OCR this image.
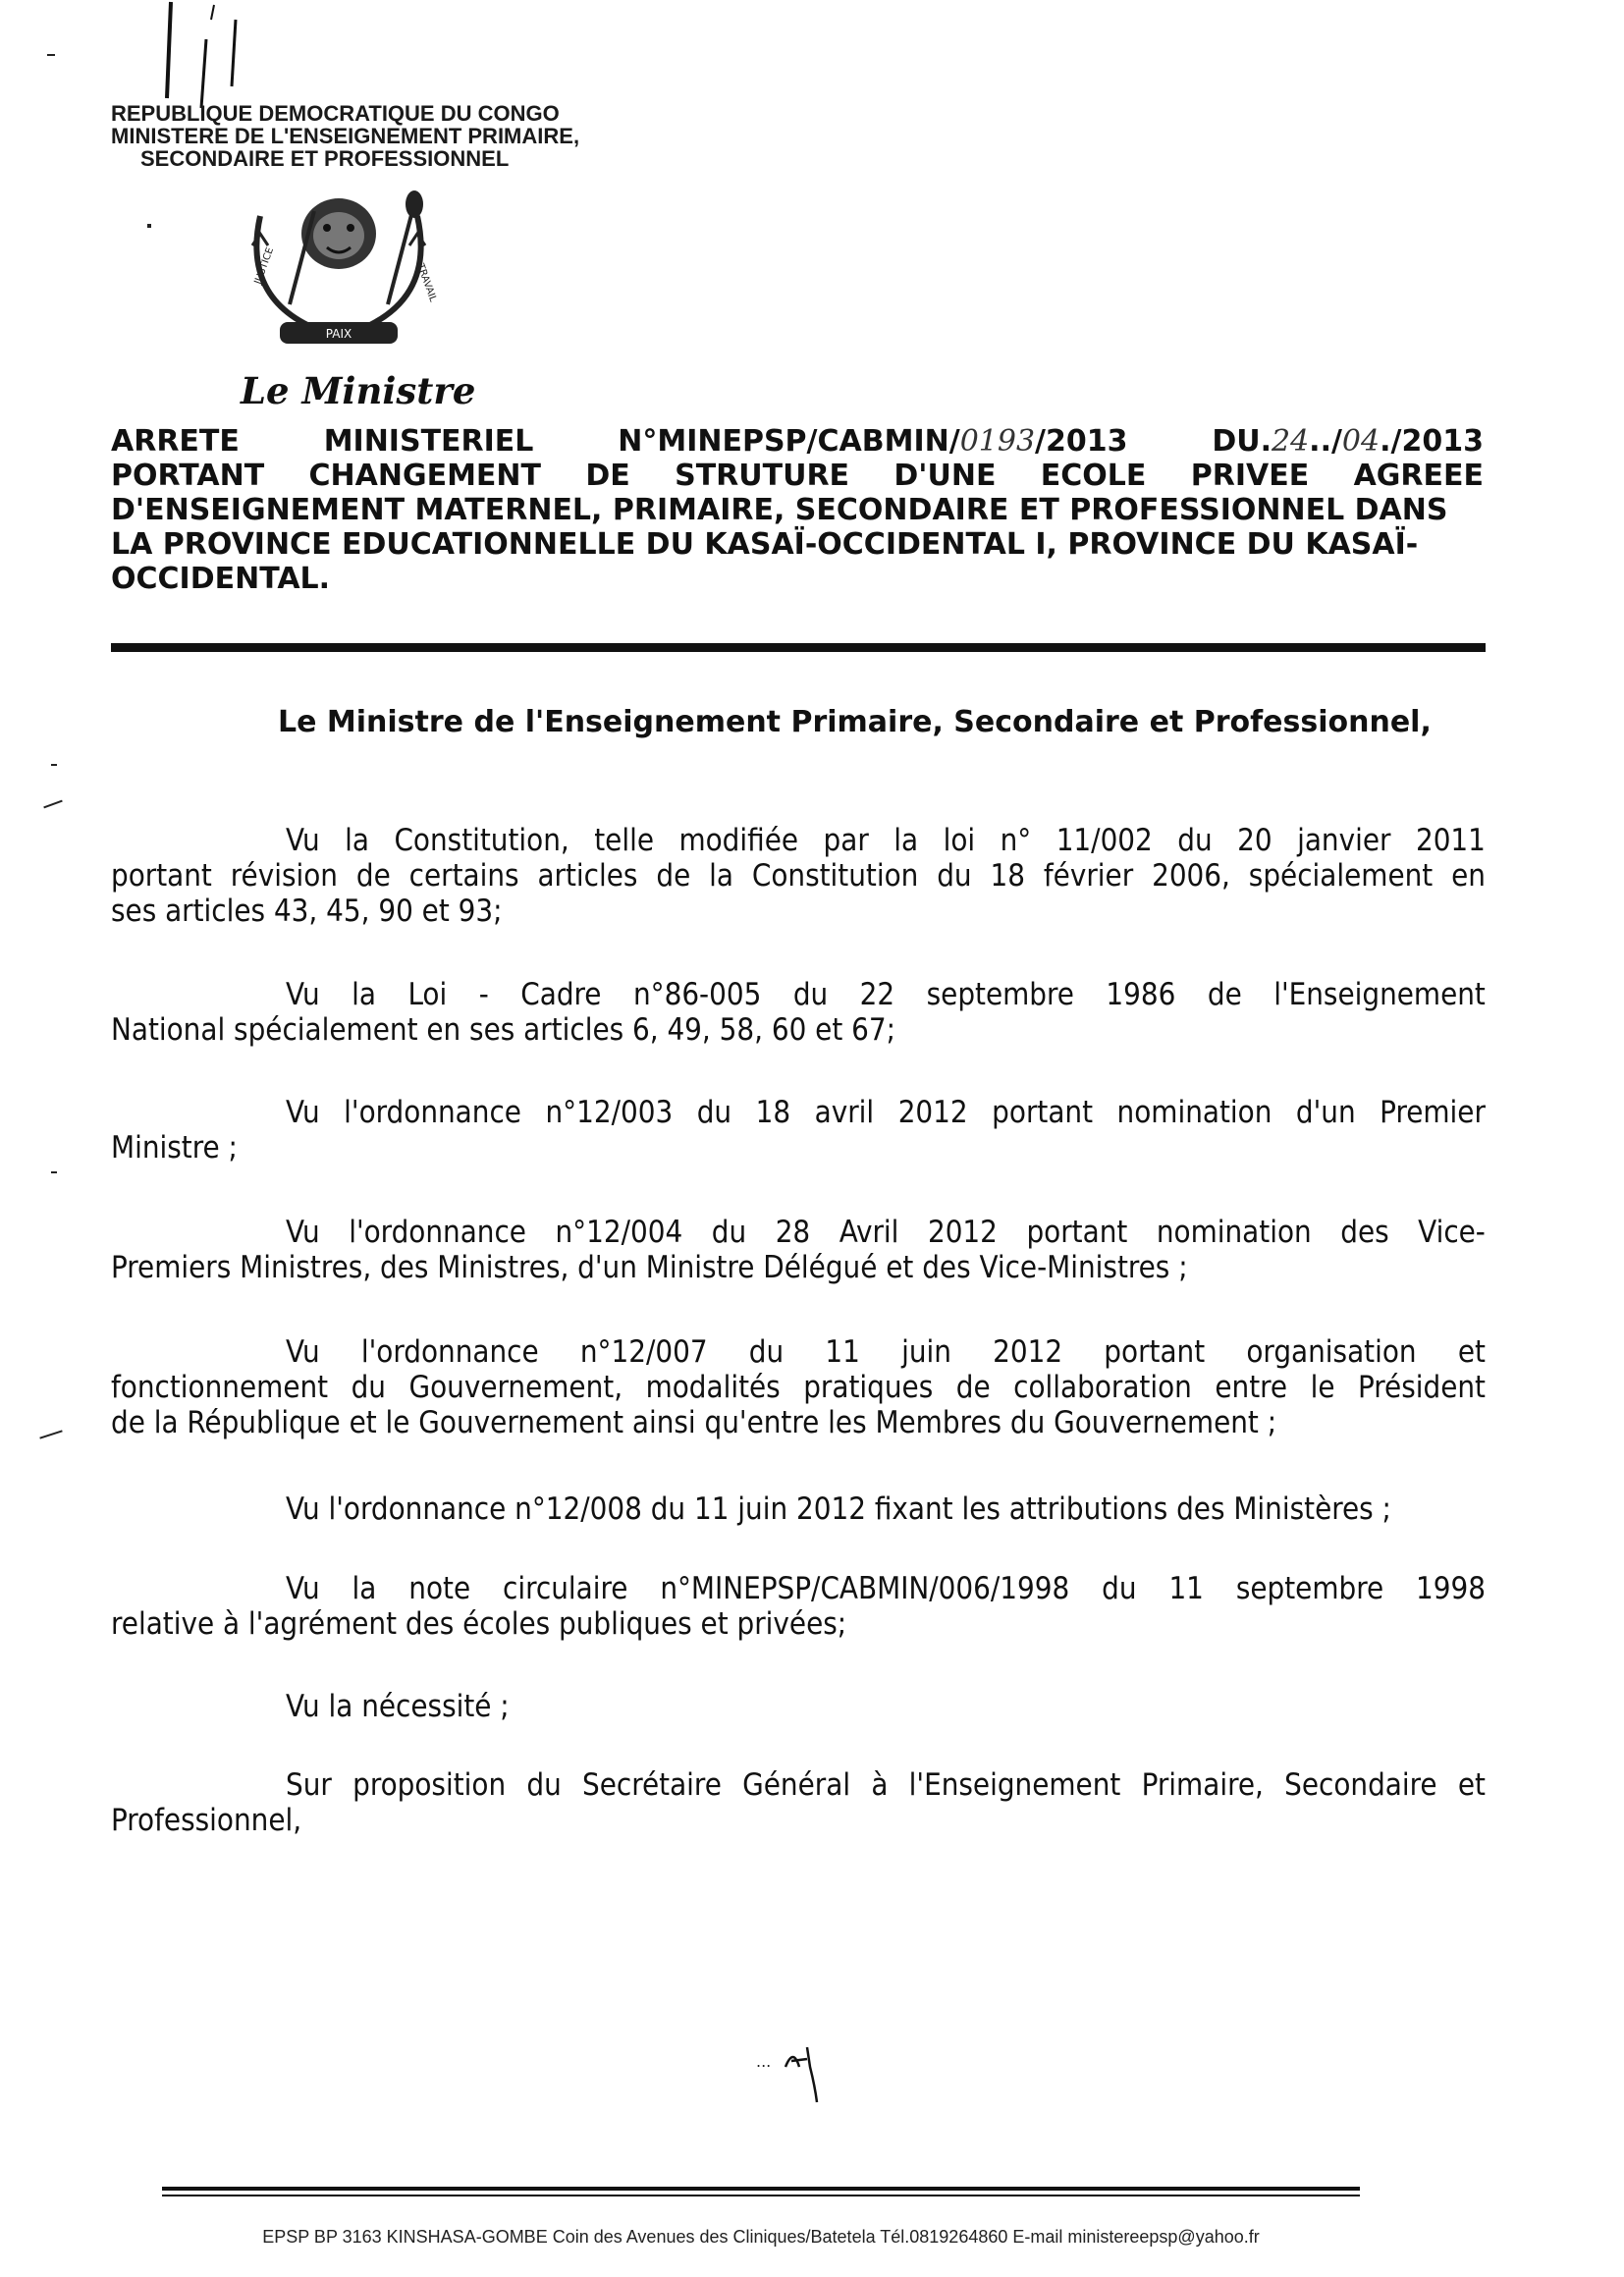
REPUBLIQUE DEMOCRATIQUE DU CONGO
MINISTERE DE L'ENSEIGNEMENT PRIMAIRE,
SECONDAIRE ET PROFESSIONNEL
PAIX
JUSTICE	TRAVAIL
Le Ministre
ARRETE	MINISTERIEL	N°MINEPSP/CABMIN/0193/2013	DU.24../04./2013
PORTANT CHANGEMENT DE STRUTURE D'UNE ECOLE PRIVEE AGREEE
D'ENSEIGNEMENT MATERNEL, PRIMAIRE, SECONDAIRE ET PROFESSIONNEL DANS
LA PROVINCE EDUCATIONNELLE DU KASAÏ-OCCIDENTAL I, PROVINCE DU KASAÏ-
OCCIDENTAL.
Le Ministre de l'Enseignement Primaire, Secondaire et Professionnel,
Vu la Constitution, telle modifiée par la loi n° 11/002 du 20 janvier 2011
portant révision de certains articles de la Constitution du 18 février 2006, spécialement en
ses articles 43, 45, 90 et 93;
Vu la Loi - Cadre n°86-005 du 22 septembre 1986 de l'Enseignement
National spécialement en ses articles 6, 49, 58, 60 et 67;
Vu l'ordonnance n°12/003 du 18 avril 2012 portant nomination d'un Premier
Ministre ;
Vu l'ordonnance n°12/004 du 28 Avril 2012 portant nomination des Vice-
Premiers Ministres, des Ministres, d'un Ministre Délégué et des Vice-Ministres ;
Vu l'ordonnance n°12/007 du 11 juin 2012 portant organisation et
fonctionnement du Gouvernement, modalités pratiques de collaboration entre le Président
de la République et le Gouvernement ainsi qu'entre les Membres du Gouvernement ;
Vu l'ordonnance n°12/008 du 11 juin 2012 fixant les attributions des Ministères ;
Vu la note circulaire n°MINEPSP/CABMIN/006/1998 du 11 septembre 1998
relative à l'agrément des écoles publiques et privées;
Vu la nécessité ;
Sur proposition du Secrétaire Général à l'Enseignement Primaire, Secondaire et
Professionnel,
...
EPSP BP 3163 KINSHASA-GOMBE Coin des Avenues des Cliniques/Batetela Tél.0819264860 E-mail ministereepsp@yahoo.fr
